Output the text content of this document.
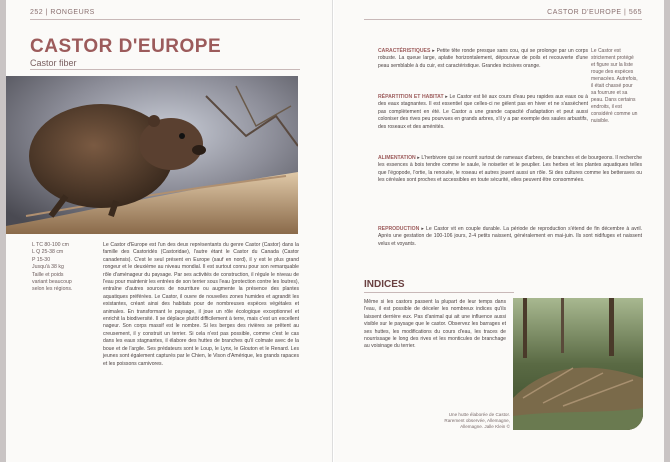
252 | RONGEURS	CASTOR D'EUROPE | 565
CASTOR D'EUROPE
Castor fiber
L TC 80-100 cm
L Q 25-38 cm
P 15-30
Jusqu'à 38 kg
Taille et poids
variant beaucoup
selon les régions.
Le Castor d'Europe est l'un des deux représentants du genre Castor (Castor) dans la famille des Castoridés (Castoridae), l'autre étant le Castor du Canada (Castor canadensis). C'est le seul présent en Europe (sauf en nord), il y est le plus grand rongeur et le deuxième au niveau mondial. Il est surtout connu pour son remarquable rôle d'aménageur du paysage. Par ses activités de construction, il régule le niveau de l'eau pour maintenir les entrées de son terrier sous l'eau (protection contre les loutres), entraîne d'autres sources de nourriture ou augmente la présence des plantes aquatiques préférées. Le Castor, il ouvre de nouvelles zones humides et agrandit les existantes, créant ainsi des habitats pour de nombreuses espèces végétales et animales. En transformant le paysage, il joue un rôle écologique exceptionnel et enrichit la biodiversité. Il se déplace plutôt difficilement à terre, mais c'est un excellent nageur. Son corps massif est le nombre. Si les berges des rivières se prêtent au creusement, il y construit un terrier. Si cela n'est pas possible, comme c'est le cas dans les eaux stagnantes, il élabore des huttes de branches qu'il colmate avec de la boue et de l'argile. Ses prédateurs sont le Loup, le Lynx, le Glouton et le Renard. Les jeunes sont également capturés par le Chien, le Vison d'Amérique, les grands rapaces et les poissons carnivores.
CARACTÉRISTIQUES ▸ Petite tête ronde presque sans cou, qui se prolonge par un corps robuste. La queue large, aplatie horizontalement, dépourvue de poils et recouverte d'une peau semblable à du cuir, est caractéristique. Grandes incisives orange.
RÉPARTITION ET HABITAT ▸ Le Castor est lié aux cours d'eau peu rapides aux eaux ou à des eaux stagnantes. Il est essentiel que celles-ci ne gèlent pas en hiver et ne s'assèchent pas complètement en été. Le Castor a une grande capacité d'adaptation et peut aussi coloniser des rives peu pourvues en grands arbres, s'il y a par exemple des saules arbustifs, des roseaux et des aménités.
ALIMENTATION ▸ L'herbivore qui se nourrit surtout de rameaux d'arbres, de branches et de bourgeons. Il recherche les essences à bois tendre comme le saule, le noisetier et le peuplier. Les herbes et les plantes aquatiques telles que l'égopode, l'ortie, la renouée, le roseau et autres jouent aussi un rôle. Si des cultures comme les betteraves ou les céréales sont proches et accessibles en toute sécurité, elles peuvent être consommées.
REPRODUCTION ▸ Le Castor vit en couple durable. La période de reproduction s'étend de fin décembre à avril. Après une gestation de 100-106 jours, 2-4 petits naissent, généralement en mai-juin. Ils sont nidifuges et naissent velus et voyants.
Le Castor est strictement protégé et figure sur la liste rouge des espèces menacées. Autrefois, il était chassé pour sa fourrure et sa peau. Dans certains endroits, il est considéré comme un nuisible.
INDICES
Même si les castors passent la plupart de leur temps dans l'eau, il est possible de déceler les nombreux indices qu'ils laissent derrière eux. Pas d'animal qui ait une influence aussi visible sur le paysage que le castor. Observez les barrages et ses huttes, les modifications du cours d'eau, les traces de nourrissage le long des rives et les monticules de branchage au voisinage du terrier.
Une hutte élaborée de Castor. Rarement observée, Allemagne, Allemagne. Jalle Klein ©
